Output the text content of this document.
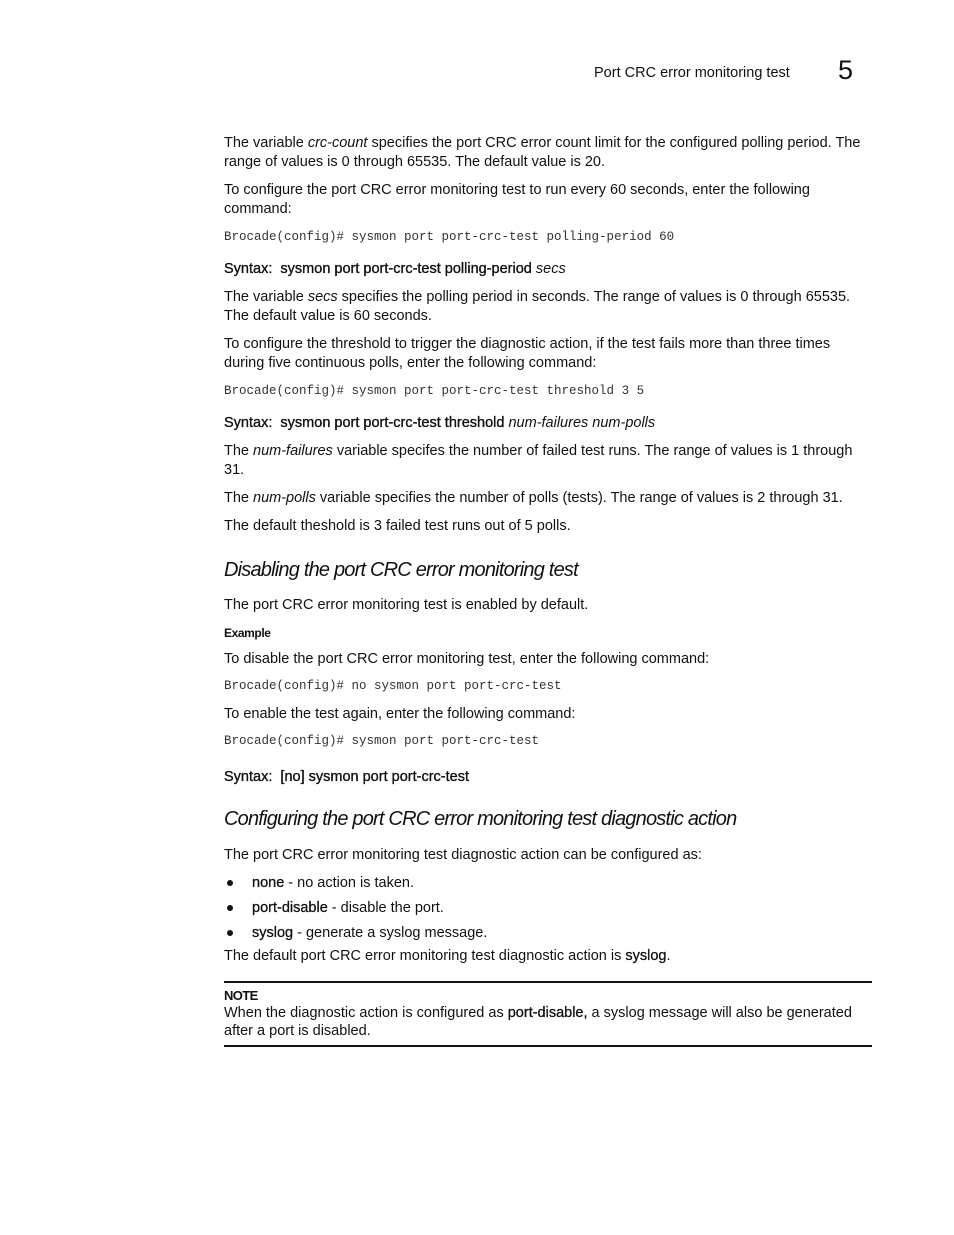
Port CRC error monitoring test 5

The variable crc-count specifies the port CRC error count limit for the configured polling period. The range of values is 0 through 65535. The default value is 20.

To configure the port CRC error monitoring test to run every 60 seconds, enter the following command:

Brocade(config)# sysmon port port-crc-test polling-period 60
Syntax: sysmon port port-crc-test polling-period secs

The variable secs specifies the polling period in seconds. The range of values is 0 through 65535. The default value is 60 seconds.

To configure the threshold to trigger the diagnostic action, if the test fails more than three times during five continuous polls, enter the following command:

Brocade(config)# sysmon port port-crc-test threshold 3 5
Syntax: sysmon port port-crc-test threshold num-failures num-polls

The num-failures variable specifes the number of failed test runs. The range of values is 1 through 31.

The num-polls variable specifies the number of polls (tests). The range of values is 2 through 31.

The default theshold is 3 failed test runs out of 5 polls.

Disabling the port CRC error monitoring test

The port CRC error monitoring test is enabled by default.

Example

To disable the port CRC error monitoring test, enter the following command:

Brocade(config)# no sysmon port port-crc-test

To enable the test again, enter the following command:

Brocade(config)# sysmon port port-crc-test
Syntax: [no] sysmon port port-crc-test
Configuring the port CRC error monitoring test diagnostic action

The port CRC error monitoring test diagnostic action can be configured as:

none - no action is taken.
port-disable - disable the port.
syslog - generate a syslog message.

The default port CRC error monitoring test diagnostic action is syslog.

NOTE

When the diagnostic action is configured as port-disable, a syslog message will also be generated after a port is disabled.
